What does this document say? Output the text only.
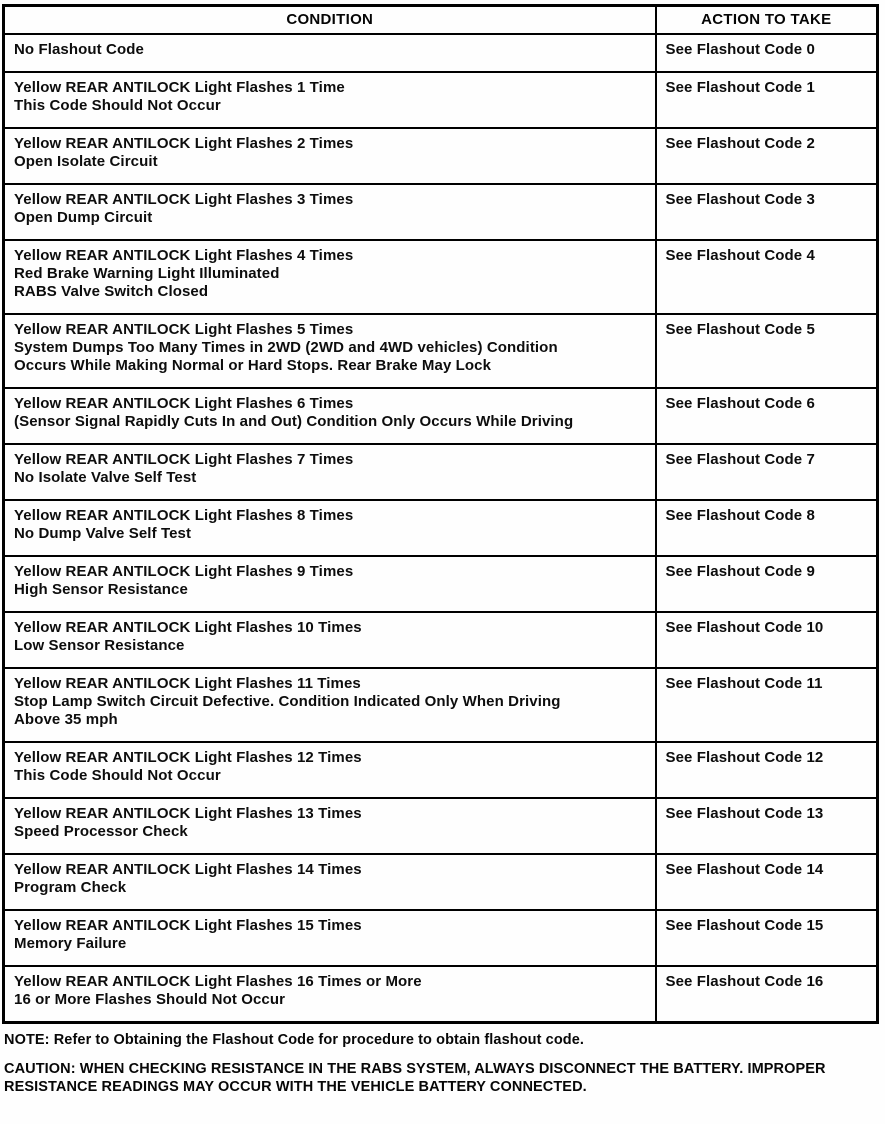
CONDITION	ACTION TO TAKE

No Flashout Code	See Flashout Code 0

Yellow REAR ANTILOCK Light Flashes 1 Time
This Code Should Not Occur	See Flashout Code 1

Yellow REAR ANTILOCK Light Flashes 2 Times
Open Isolate Circuit	See Flashout Code 2

Yellow REAR ANTILOCK Light Flashes 3 Times
Open Dump Circuit	See Flashout Code 3

Yellow REAR ANTILOCK Light Flashes 4 Times
Red Brake Warning Light Illuminated
RABS Valve Switch Closed	See Flashout Code 4

Yellow REAR ANTILOCK Light Flashes 5 Times
System Dumps Too Many Times in 2WD (2WD and 4WD vehicles) Condition
Occurs While Making Normal or Hard Stops. Rear Brake May Lock	See Flashout Code 5

Yellow REAR ANTILOCK Light Flashes 6 Times
(Sensor Signal Rapidly Cuts In and Out) Condition Only Occurs While Driving	See Flashout Code 6

Yellow REAR ANTILOCK Light Flashes 7 Times
No Isolate Valve Self Test	See Flashout Code 7

Yellow REAR ANTILOCK Light Flashes 8 Times
No Dump Valve Self Test	See Flashout Code 8

Yellow REAR ANTILOCK Light Flashes 9 Times
High Sensor Resistance	See Flashout Code 9

Yellow REAR ANTILOCK Light Flashes 10 Times
Low Sensor Resistance	See Flashout Code 10

Yellow REAR ANTILOCK Light Flashes 11 Times
Stop Lamp Switch Circuit Defective. Condition Indicated Only When Driving
Above 35 mph	See Flashout Code 11

Yellow REAR ANTILOCK Light Flashes 12 Times
This Code Should Not Occur	See Flashout Code 12

Yellow REAR ANTILOCK Light Flashes 13 Times
Speed Processor Check	See Flashout Code 13

Yellow REAR ANTILOCK Light Flashes 14 Times
Program Check	See Flashout Code 14

Yellow REAR ANTILOCK Light Flashes 15 Times
Memory Failure	See Flashout Code 15

Yellow REAR ANTILOCK Light Flashes 16 Times or More
16 or More Flashes Should Not Occur	See Flashout Code 16

NOTE: Refer to Obtaining the Flashout Code for procedure to obtain flashout code.

CAUTION: WHEN CHECKING RESISTANCE IN THE RABS SYSTEM, ALWAYS DISCONNECT THE BATTERY. IMPROPER RESISTANCE READINGS MAY OCCUR WITH THE VEHICLE BATTERY CONNECTED.
